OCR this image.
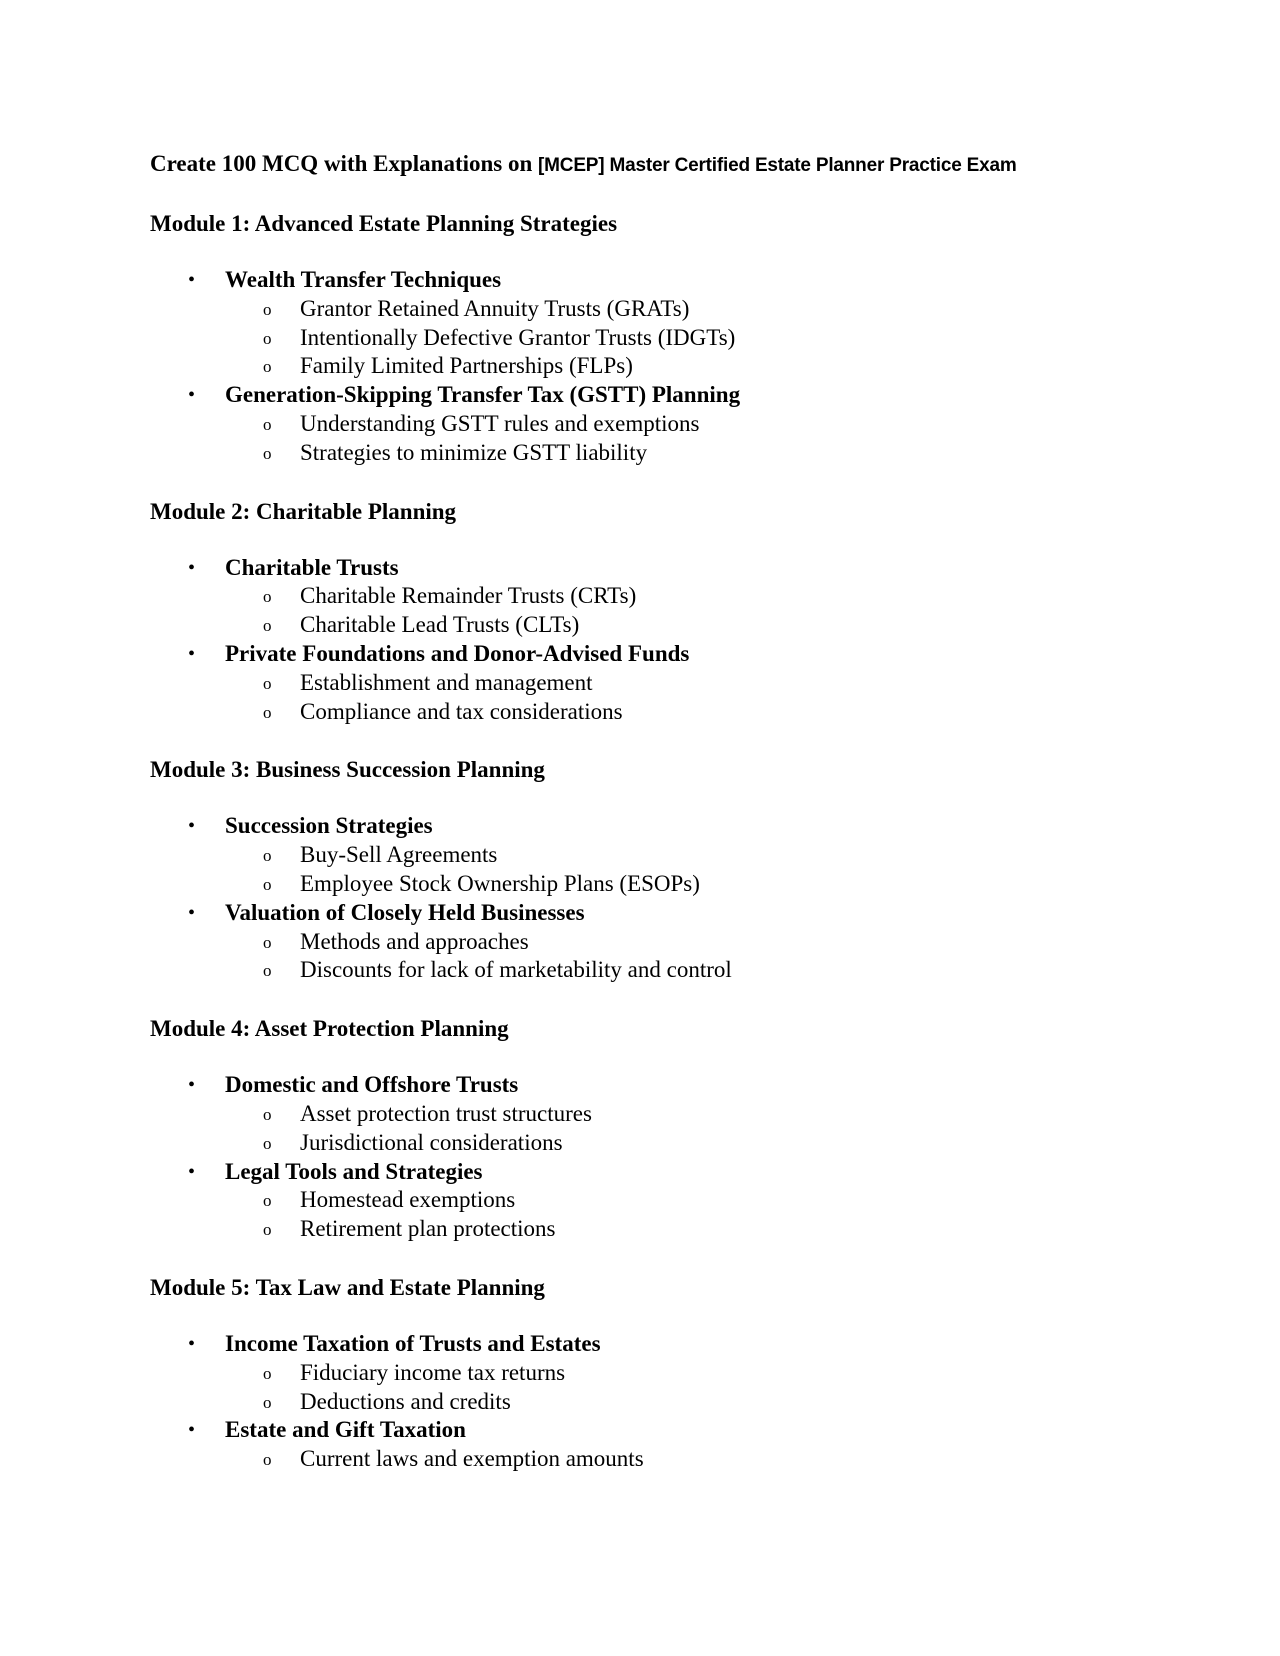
Create 100 MCQ with Explanations on [MCEP] Master Certified Estate Planner Practice Exam

Module 1: Advanced Estate Planning Strategies
• Wealth Transfer Techniques
o Grantor Retained Annuity Trusts (GRATs)
o Intentionally Defective Grantor Trusts (IDGTs)
o Family Limited Partnerships (FLPs)
• Generation-Skipping Transfer Tax (GSTT) Planning
o Understanding GSTT rules and exemptions
o Strategies to minimize GSTT liability
Module 2: Charitable Planning
• Charitable Trusts
o Charitable Remainder Trusts (CRTs)
o Charitable Lead Trusts (CLTs)
• Private Foundations and Donor-Advised Funds
o Establishment and management
o Compliance and tax considerations
Module 3: Business Succession Planning
• Succession Strategies
o Buy-Sell Agreements
o Employee Stock Ownership Plans (ESOPs)
• Valuation of Closely Held Businesses
o Methods and approaches
o Discounts for lack of marketability and control
Module 4: Asset Protection Planning
• Domestic and Offshore Trusts
o Asset protection trust structures
o Jurisdictional considerations
• Legal Tools and Strategies
o Homestead exemptions
o Retirement plan protections
Module 5: Tax Law and Estate Planning
• Income Taxation of Trusts and Estates
o Fiduciary income tax returns
o Deductions and credits
• Estate and Gift Taxation
o Current laws and exemption amounts
